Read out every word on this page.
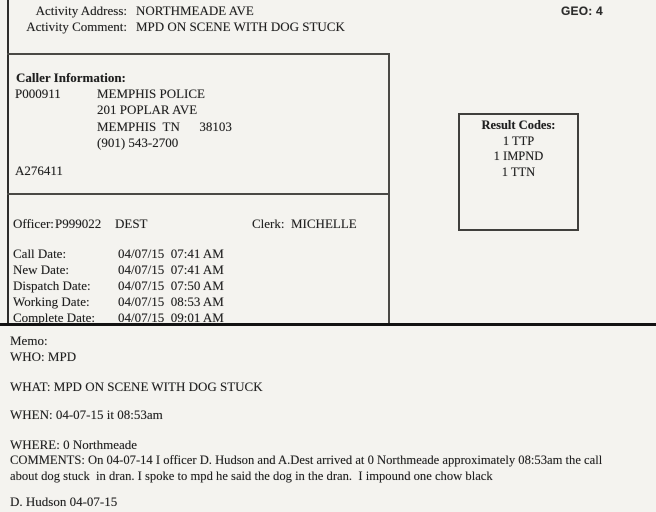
Activity Address: NORTHMEADE AVE
Activity Comment: MPD ON SCENE WITH DOG STUCK
GEO: 4
Caller Information:
P000911	MEMPHIS POLICE
201 POPLAR AVE
MEMPHIS  TN      38103
(901) 543-2700
A276411
Result Codes:
1 TTP
1 IMPND
1 TTN
Officer: P999022 DEST	Clerk: MICHELLE
Call Date:	04/07/15  07:41 AM
New Date:	04/07/15  07:41 AM
Dispatch Date: 04/07/15  07:50 AM
Working Date: 04/07/15  08:53 AM
Complete Date: 04/07/15  09:01 AM
Memo:
WHO: MPD
WHAT: MPD ON SCENE WITH DOG STUCK
WHEN: 04-07-15 it 08:53am
WHERE: 0 Northmeade
COMMENTS: On 04-07-14 I officer D. Hudson and A.Dest arrived at 0 Northmeade approximately 08:53am the call about dog stuck  in dran. I spoke to mpd he said the dog in the dran.  I impound one chow black
D. Hudson 04-07-15
